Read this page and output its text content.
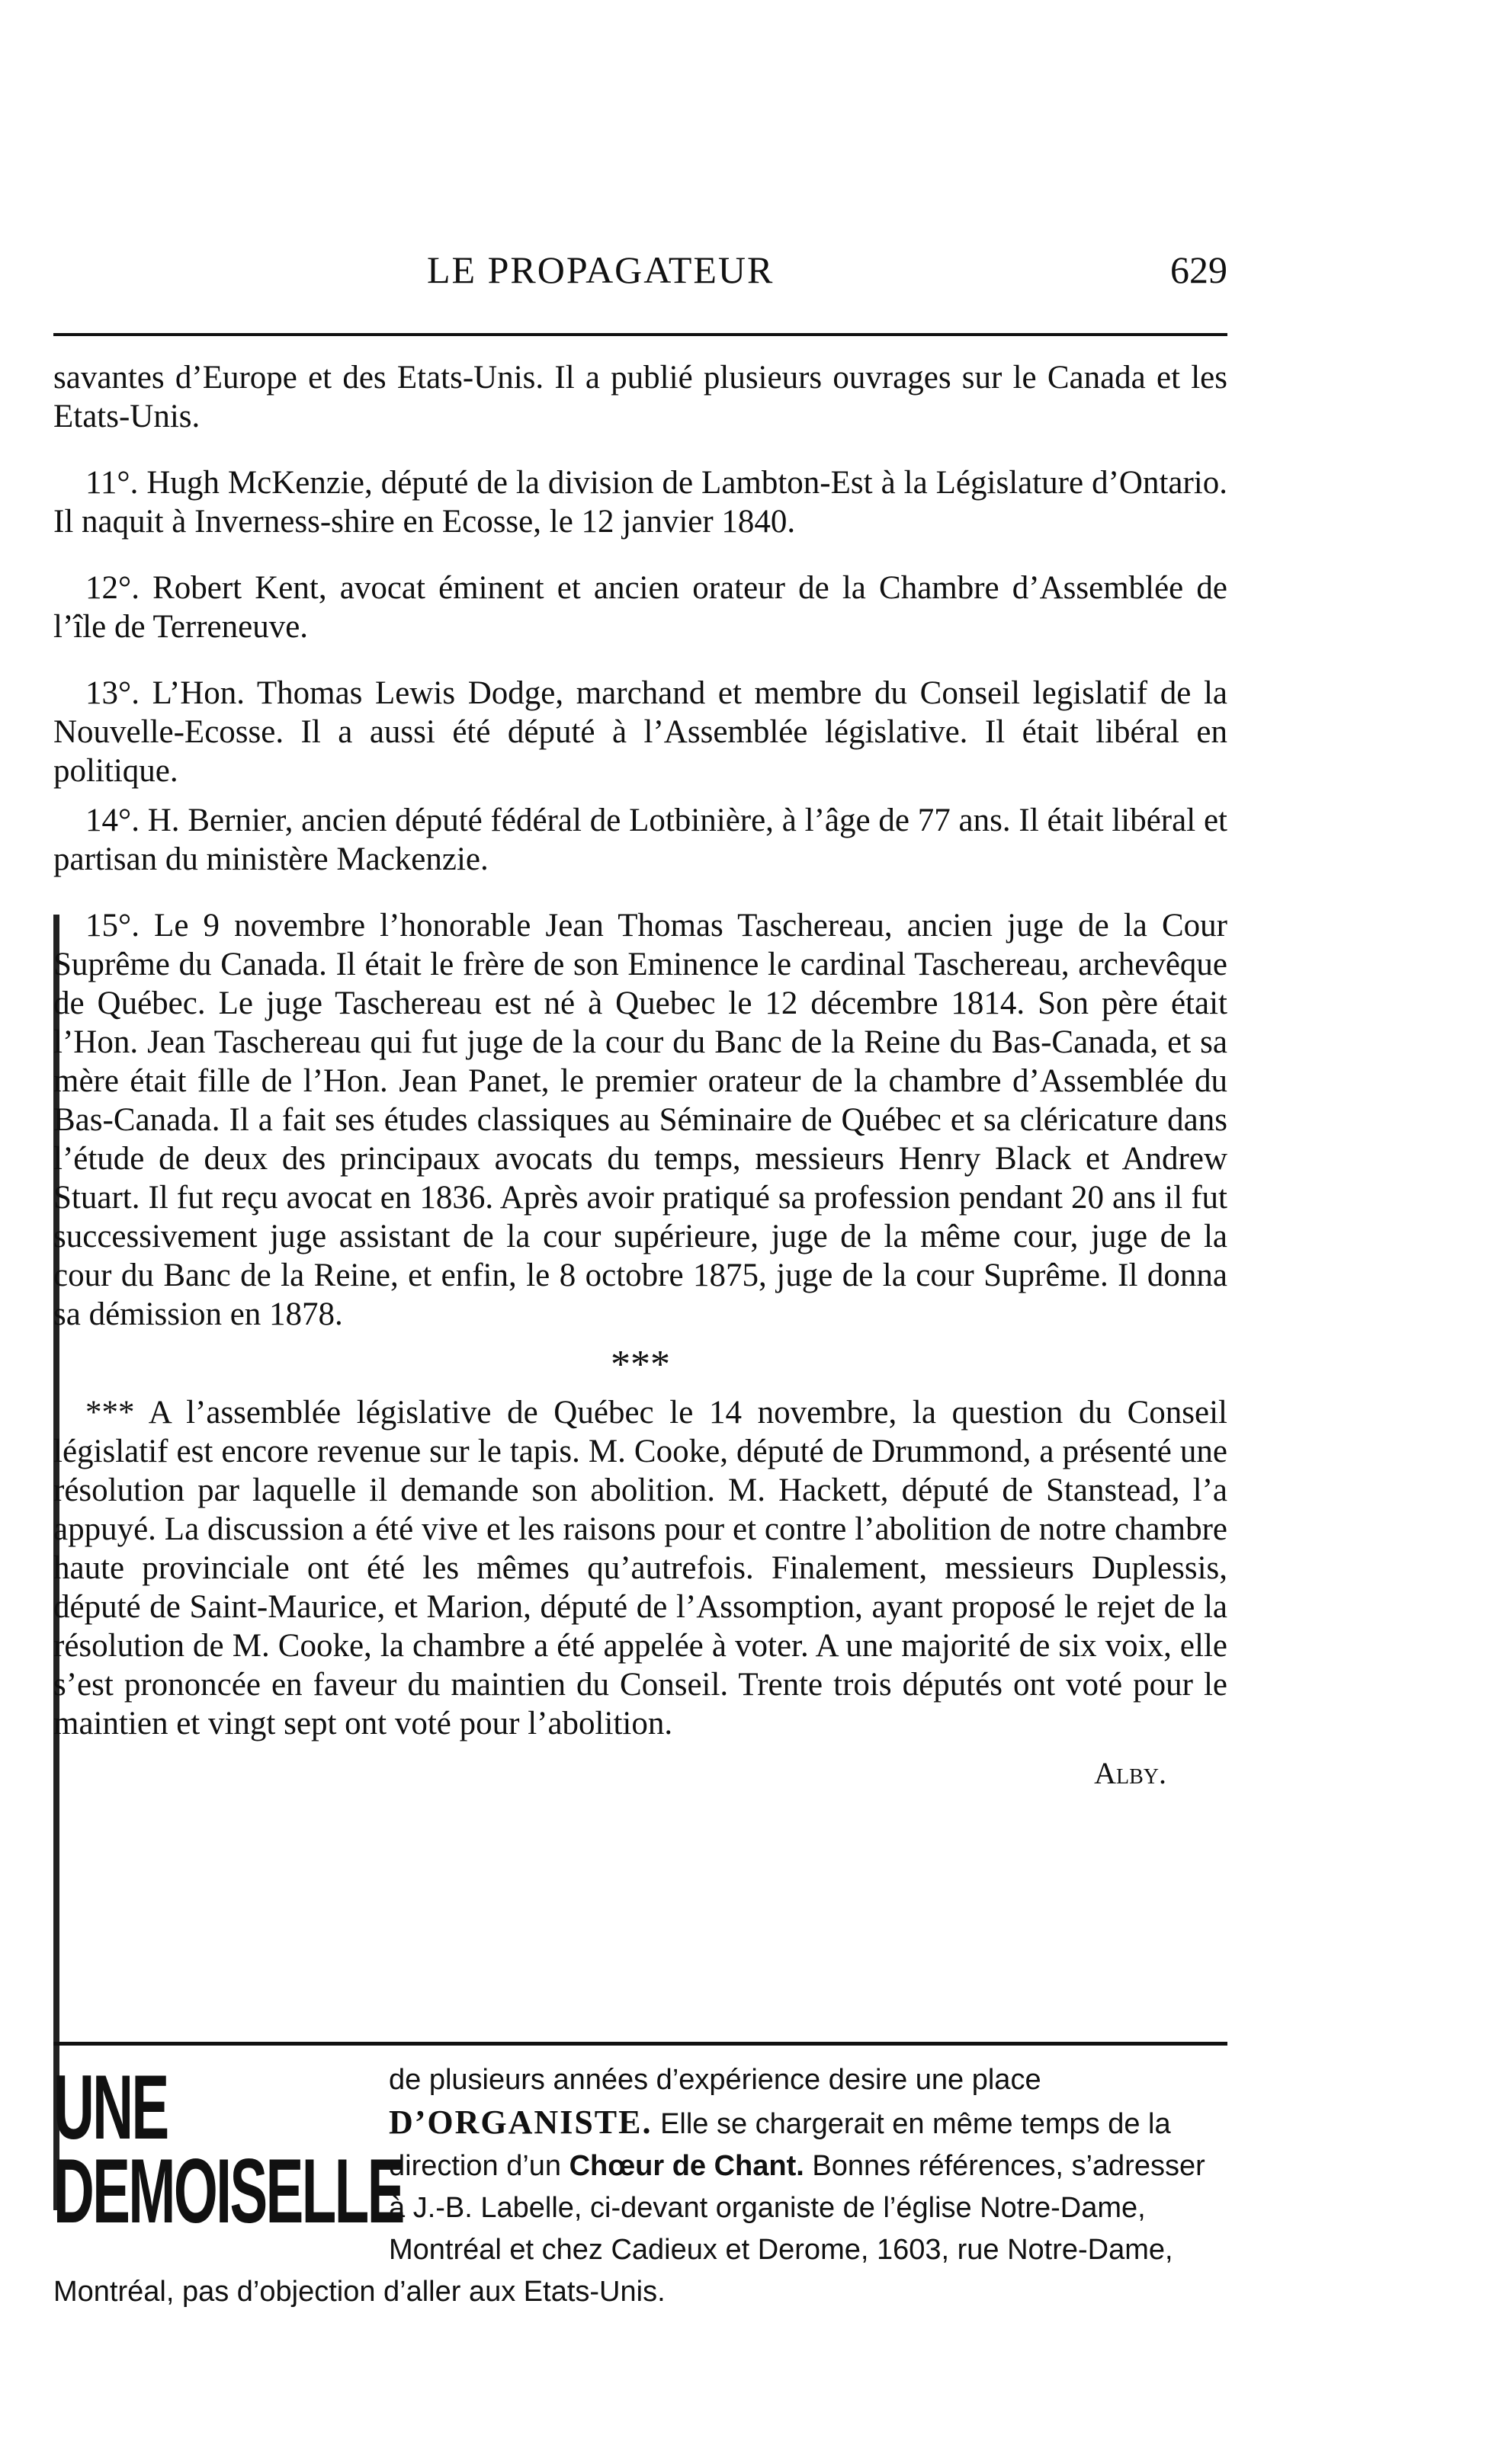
LE PROPAGATEUR	629

savantes d’Europe et des Etats-Unis. Il a publié plusieurs ouvrages sur le Canada et les Etats-Unis.

11°. Hugh McKenzie, député de la division de Lambton-Est à la Législature d’Ontario. Il naquit à Inverness-shire en Ecosse, le 12 janvier 1840.

12°. Robert Kent, avocat éminent et ancien orateur de la Chambre d’Assemblée de l’île de Terreneuve.

13°. L’Hon. Thomas Lewis Dodge, marchand et membre du Conseil legislatif de la Nouvelle-Ecosse. Il a aussi été député à l’Assemblée législative. Il était libéral en politique.

14°. H. Bernier, ancien député fédéral de Lotbinière, à l’âge de 77 ans. Il était libéral et partisan du ministère Mackenzie.

15°. Le 9 novembre l’honorable Jean Thomas Taschereau, ancien juge de la Cour Suprême du Canada. Il était le frère de son Eminence le cardinal Taschereau, archevêque de Québec. Le juge Taschereau est né à Quebec le 12 décembre 1814. Son père était l’Hon. Jean Taschereau qui fut juge de la cour du Banc de la Reine du Bas-Canada, et sa mère était fille de l’Hon. Jean Panet, le premier orateur de la chambre d’Assemblée du Bas-Canada. Il a fait ses études classiques au Séminaire de Québec et sa cléricature dans l’étude de deux des principaux avocats du temps, messieurs Henry Black et Andrew Stuart. Il fut reçu avocat en 1836. Après avoir pratiqué sa profession pendant 20 ans il fut successivement juge assistant de la cour supérieure, juge de la même cour, juge de la cour du Banc de la Reine, et enfin, le 8 octobre 1875, juge de la cour Suprême. Il donna sa démission en 1878.

***

*** A l’assemblée législative de Québec le 14 novembre, la question du Conseil législatif est encore revenue sur le tapis. M. Cooke, député de Drummond, a présenté une résolution par laquelle il demande son abolition. M. Hackett, député de Stanstead, l’a appuyé. La discussion a été vive et les raisons pour et contre l’abolition de notre chambre haute provinciale ont été les mêmes qu’autrefois. Finalement, messieurs Duplessis, député de Saint-Maurice, et Marion, député de l’Assomption, ayant proposé le rejet de la résolution de M. Cooke, la chambre a été appelée à voter. A une majorité de six voix, elle s’est prononcée en faveur du maintien du Conseil. Trente trois députés ont voté pour le maintien et vingt sept ont voté pour l’abolition.

Alby.
UNE DEMOISELLE
de plusieurs années d’expérience desire une place D’ORGANISTE. Elle se chargerait en même temps de la direction d’un Chœur de Chant. Bonnes références, s’adresser à J.-B. Labelle, ci-devant organiste de l’église Notre-Dame, Montréal et chez Cadieux et Derome, 1603, rue Notre-Dame, Montréal, pas d’objection d’aller aux Etats-Unis.
